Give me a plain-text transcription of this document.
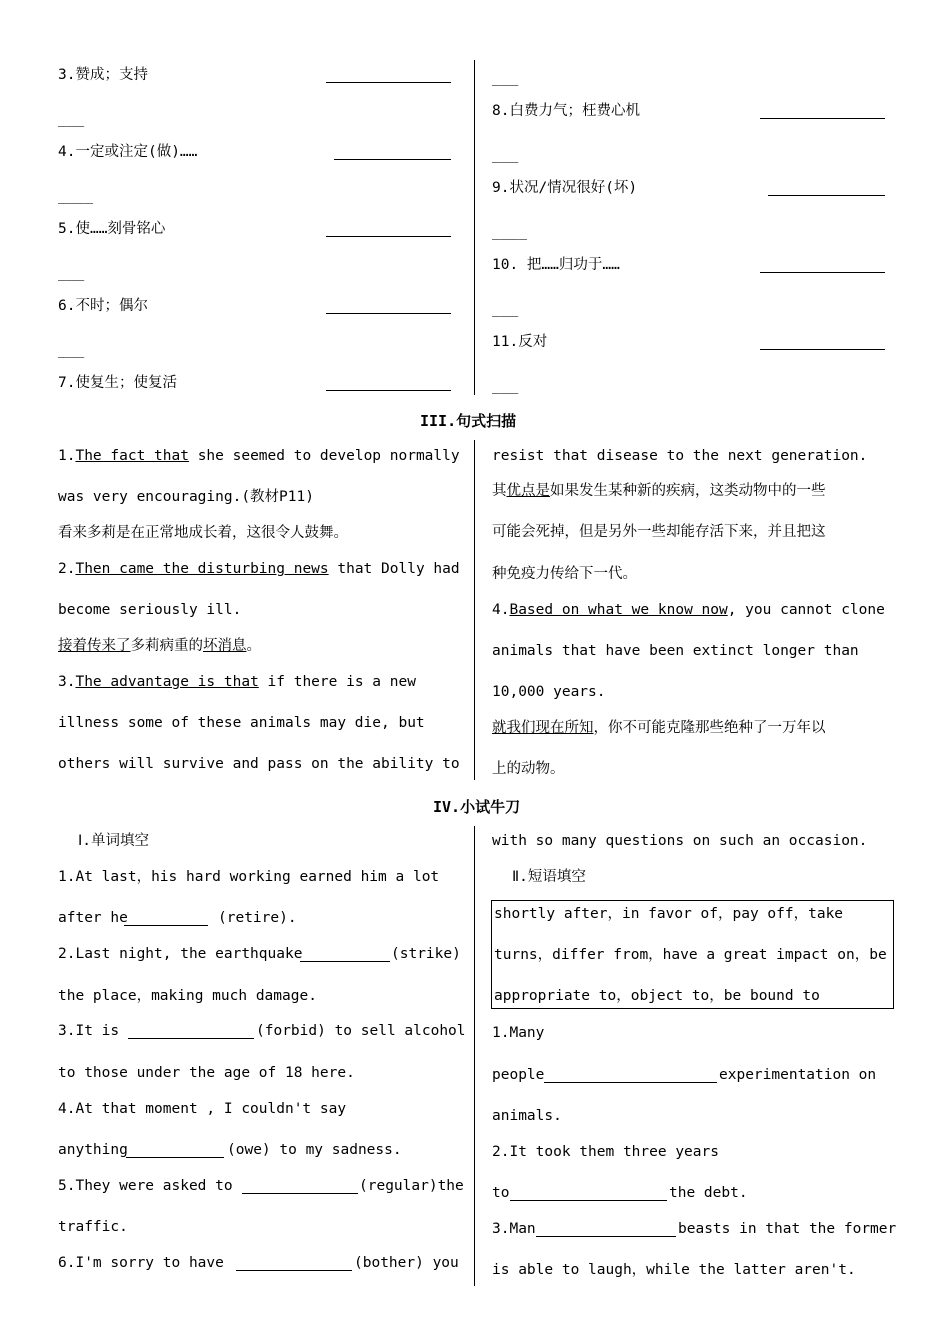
3.赞成；支持
___
4.一定或注定(做)……
____
5.使……刻骨铭心
___
6.不时；偶尔
___
7.使复生；使复活
___
8.白费力气；枉费心机
___
9.状况/情况很好(坏)
____
10. 把……归功于……
___
11.反对
___
III.句式扫描
1.The fact that she seemed to develop normally
was very encouraging.(教材P11)
看来多莉是在正常地成长着，这很令人鼓舞。
2.Then came the disturbing news that Dolly had
become seriously ill.
接着传来了多莉病重的坏消息。
3.The advantage is that if there is a new
illness some of these animals may die, but
others will survive and pass on the ability to
resist that disease to the next generation.
其优点是如果发生某种新的疾病，这类动物中的一些
可能会死掉，但是另外一些却能存活下来，并且把这
种免疫力传给下一代。
4.Based on what we know now, you cannot clone
animals that have been extinct longer than
10,000 years.
就我们现在所知，你不可能克隆那些绝种了一万年以
上的动物。
IV.小试牛刀
Ⅰ.单词填空
1.At last，his hard working earned him a lot
after he	(retire).
2.Last night, the earthquake	(strike)
the place，making much damage.
3.It is	(forbid) to sell alcohol
to those under the age of 18 here.
4.At that moment , I couldn't say
anything	(owe) to my sadness.
5.They were asked to	(regular)the
traffic.
6.I'm sorry to have	(bother) you
with so many questions on such an occasion.
Ⅱ.短语填空
shortly after，in favor of，pay off，take
turns，differ from，have a great impact on，be
appropriate to，object to，be bound to
1.Many
people	experimentation on
animals.
2.It took them three years
to	the debt.
3.Man	beasts in that the former
is able to laugh，while the latter aren't.
